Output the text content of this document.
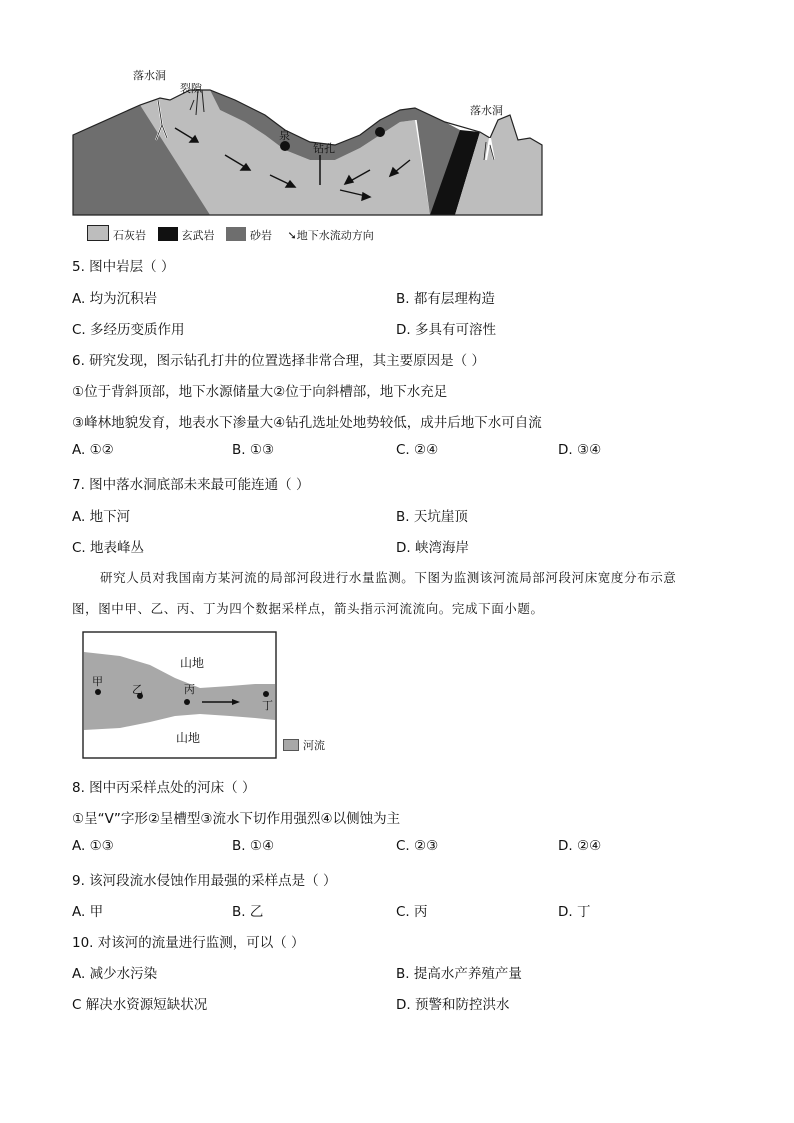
落水洞
裂隙
泉
钻孔
落水洞
石灰岩	玄武岩	砂岩 ➘地下水流动方向
5. 图中岩层（ ）
A. 均为沉积岩	B. 都有层理构造
C. 多经历变质作用	D. 多具有可溶性
6. 研究发现，图示钻孔打井的位置选择非常合理，其主要原因是（ ）
①位于背斜顶部，地下水源储量大②位于向斜槽部，地下水充足
③峰林地貌发育，地表水下渗量大④钻孔选址处地势较低，成井后地下水可自流
A. ①②	B. ①③	C. ②④	D. ③④
7. 图中落水洞底部未来最可能连通（ ）
A. 地下河	B. 天坑崖顶
C. 地表峰丛	D. 峡湾海岸
研究人员对我国南方某河流的局部河段进行水量监测。下图为监测该河流局部河段河床宽度分布示意
图，图中甲、乙、丙、丁为四个数据采样点，箭头指示河流流向。完成下面小题。
山地
山地
甲
乙	丙
丁
河流
8. 图中丙采样点处的河床（ ）
①呈“V”字形②呈槽型③流水下切作用强烈④以侧蚀为主
A. ①③	B. ①④	C. ②③	D. ②④
9. 该河段流水侵蚀作用最强的采样点是（ ）
A. 甲	B. 乙	C. 丙	D. 丁
10. 对该河的流量进行监测，可以（ ）
A. 减少水污染	B. 提高水产养殖产量
C 解决水资源短缺状况	D. 预警和防控洪水
